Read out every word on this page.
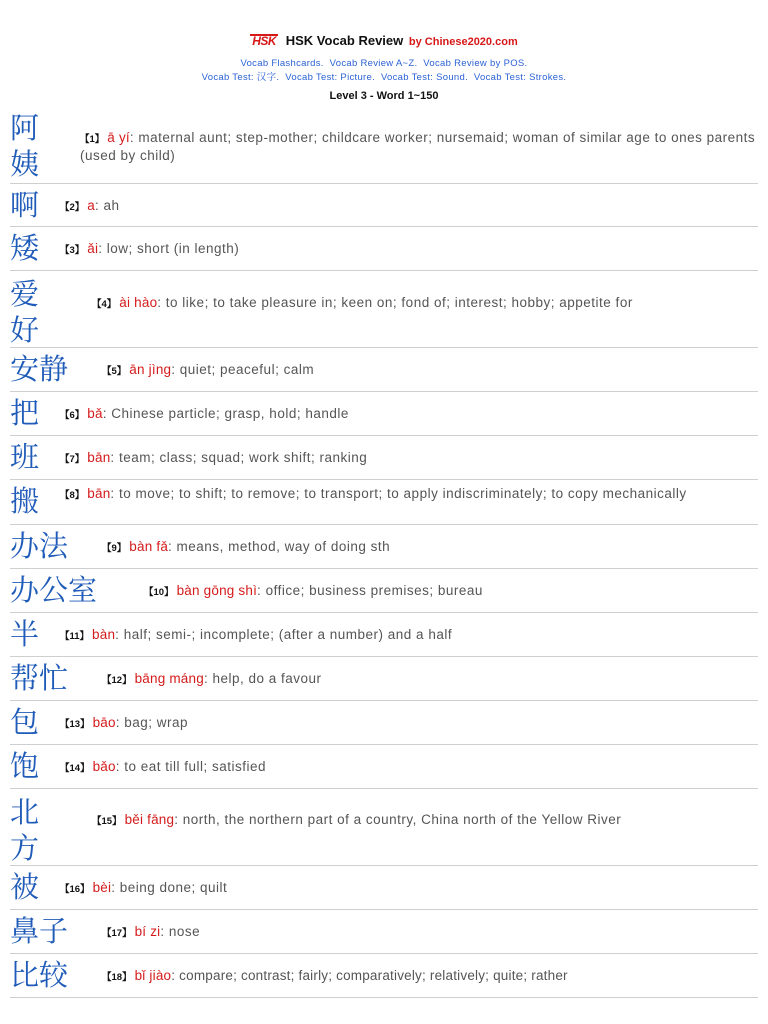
HSK HSK Vocab Review by Chinese2020.com
Vocab Flashcards. Vocab Review A~Z. Vocab Review by POS.
Vocab Test: 汉字. Vocab Test: Picture. Vocab Test: Sound. Vocab Test: Strokes.
Level 3 - Word 1~150
阿姨
【1】 ā yí: maternal aunt; step-mother; childcare worker; nursemaid; woman of similar age to ones parents (used by child)
啊 【2】 a: ah
矮 【3】 ǎi: low; short (in length)
爱好
【4】 ài hào: to like; to take pleasure in; keen on; fond of; interest; hobby; appetite for
安静	【5】 ān jìng: quiet; peaceful; calm
把 【6】 bǎ: Chinese particle; grasp, hold; handle
班 【7】 bān: team; class; squad; work shift; ranking
搬	【8】 bān: to move; to shift; to remove; to transport; to apply indiscriminately; to copy mechanically
办法	【9】 bàn fǎ: means, method, way of doing sth
办公室	【10】 bàn gōng shì: office; business premises; bureau
半 【11】 bàn: half; semi-; incomplete; (after a number) and a half
帮忙	【12】 bāng máng: help, do a favour
包 【13】 bāo: bag; wrap
饱 【14】 bǎo: to eat till full; satisfied
北方
【15】 běi fāng: north, the northern part of a country, China north of the Yellow River
被 【16】 bèi: being done; quilt
鼻子	【17】 bí zi: nose
比较	【18】 bǐ jiào: compare; contrast; fairly; comparatively; relatively; quite; rather
